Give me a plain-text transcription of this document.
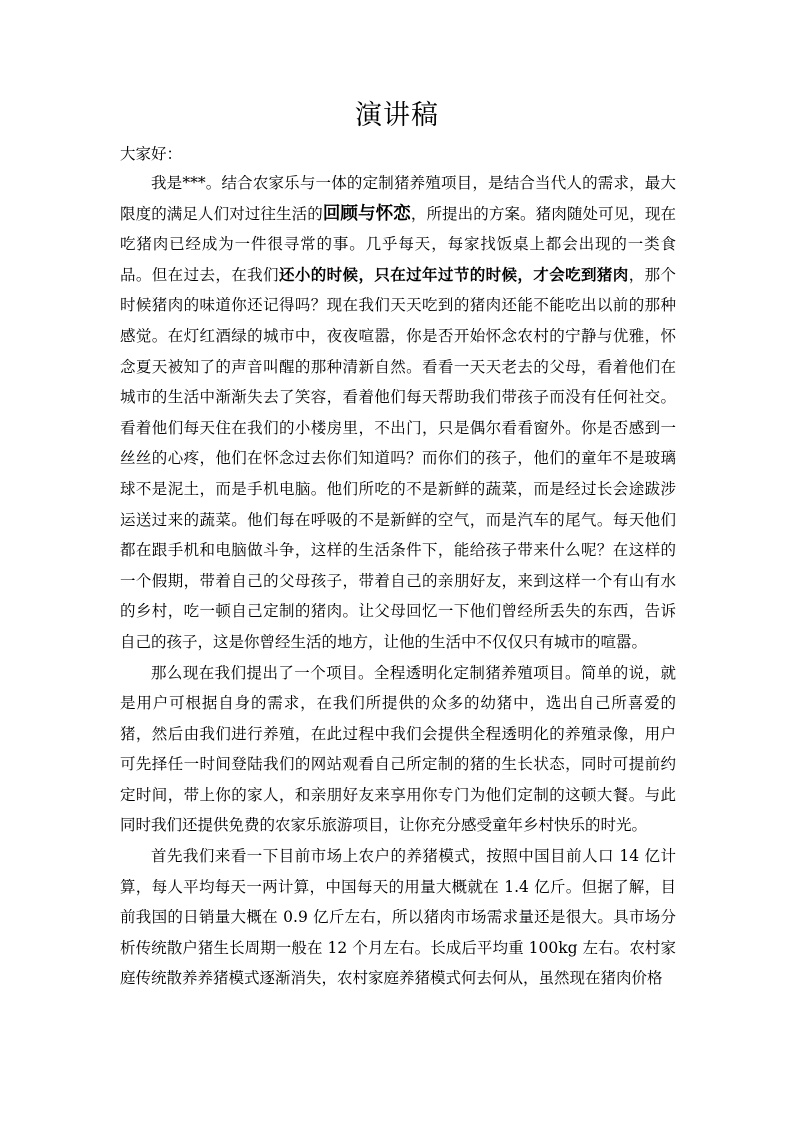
演讲稿
大家好：

我是***。结合农家乐与一体的定制猪养殖项目，是结合当代人的需求，最大限度的满足人们对过往生活的回顾与怀恋，所提出的方案。猪肉随处可见，现在吃猪肉已经成为一件很寻常的事。几乎每天，每家找饭桌上都会出现的一类食品。但在过去，在我们还小的时候，只在过年过节的时候，才会吃到猪肉，那个时候猪肉的味道你还记得吗？现在我们天天吃到的猪肉还能不能吃出以前的那种感觉。在灯红酒绿的城市中，夜夜喧嚣，你是否开始怀念农村的宁静与优雅，怀念夏天被知了的声音叫醒的那种清新自然。看看一天天老去的父母，看着他们在城市的生活中渐渐失去了笑容，看着他们每天帮助我们带孩子而没有任何社交。看着他们每天住在我们的小楼房里，不出门，只是偶尔看看窗外。你是否感到一丝丝的心疼，他们在怀念过去你们知道吗？而你们的孩子，他们的童年不是玻璃球不是泥土，而是手机电脑。他们所吃的不是新鲜的蔬菜，而是经过长会途跋涉运送过来的蔬菜。他们每在呼吸的不是新鲜的空气，而是汽车的尾气。每天他们都在跟手机和电脑做斗争，这样的生活条件下，能给孩子带来什么呢？在这样的一个假期，带着自己的父母孩子，带着自己的亲朋好友，来到这样一个有山有水的乡村，吃一顿自己定制的猪肉。让父母回忆一下他们曾经所丢失的东西，告诉自己的孩子，这是你曾经生活的地方，让他的生活中不仅仅只有城市的喧嚣。

那么现在我们提出了一个项目。全程透明化定制猪养殖项目。简单的说，就是用户可根据自身的需求，在我们所提供的众多的幼猪中，选出自己所喜爱的猪，然后由我们进行养殖，在此过程中我们会提供全程透明化的养殖录像，用户可先择任一时间登陆我们的网站观看自己所定制的猪的生长状态，同时可提前约定时间，带上你的家人，和亲朋好友来享用你专门为他们定制的这顿大餐。与此同时我们还提供免费的农家乐旅游项目，让你充分感受童年乡村快乐的时光。

首先我们来看一下目前市场上农户的养猪模式，按照中国目前人口 14 亿计算，每人平均每天一两计算，中国每天的用量大概就在 1.4 亿斤。但据了解，目前我国的日销量大概在 0.9 亿斤左右，所以猪肉市场需求量还是很大。具市场分析传统散户猪生长周期一般在 12 个月左右。长成后平均重 100kg 左右。农村家庭传统散养养猪模式逐渐消失，农村家庭养猪模式何去何从，虽然现在猪肉价格
